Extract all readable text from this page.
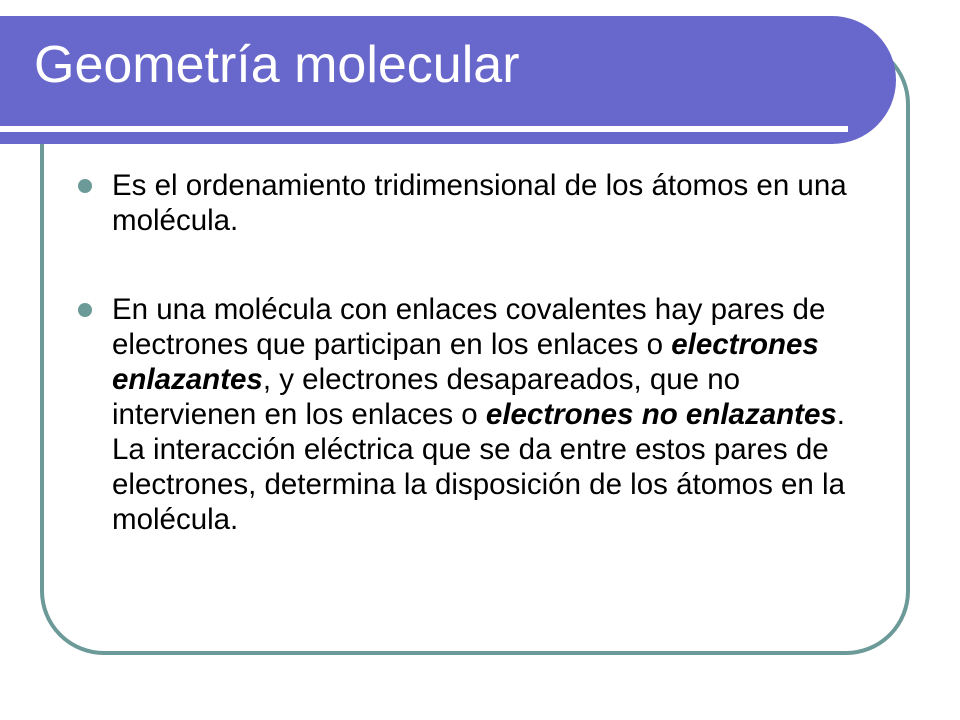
Geometría molecular
Es el ordenamiento tridimensional de los átomos en una molécula.
En una molécula con enlaces covalentes hay pares de electrones que participan en los enlaces o electrones enlazantes, y electrones desapareados, que no intervienen en los enlaces o electrones no enlazantes. La interacción eléctrica que se da entre estos pares de electrones, determina la disposición de los átomos en la molécula.
